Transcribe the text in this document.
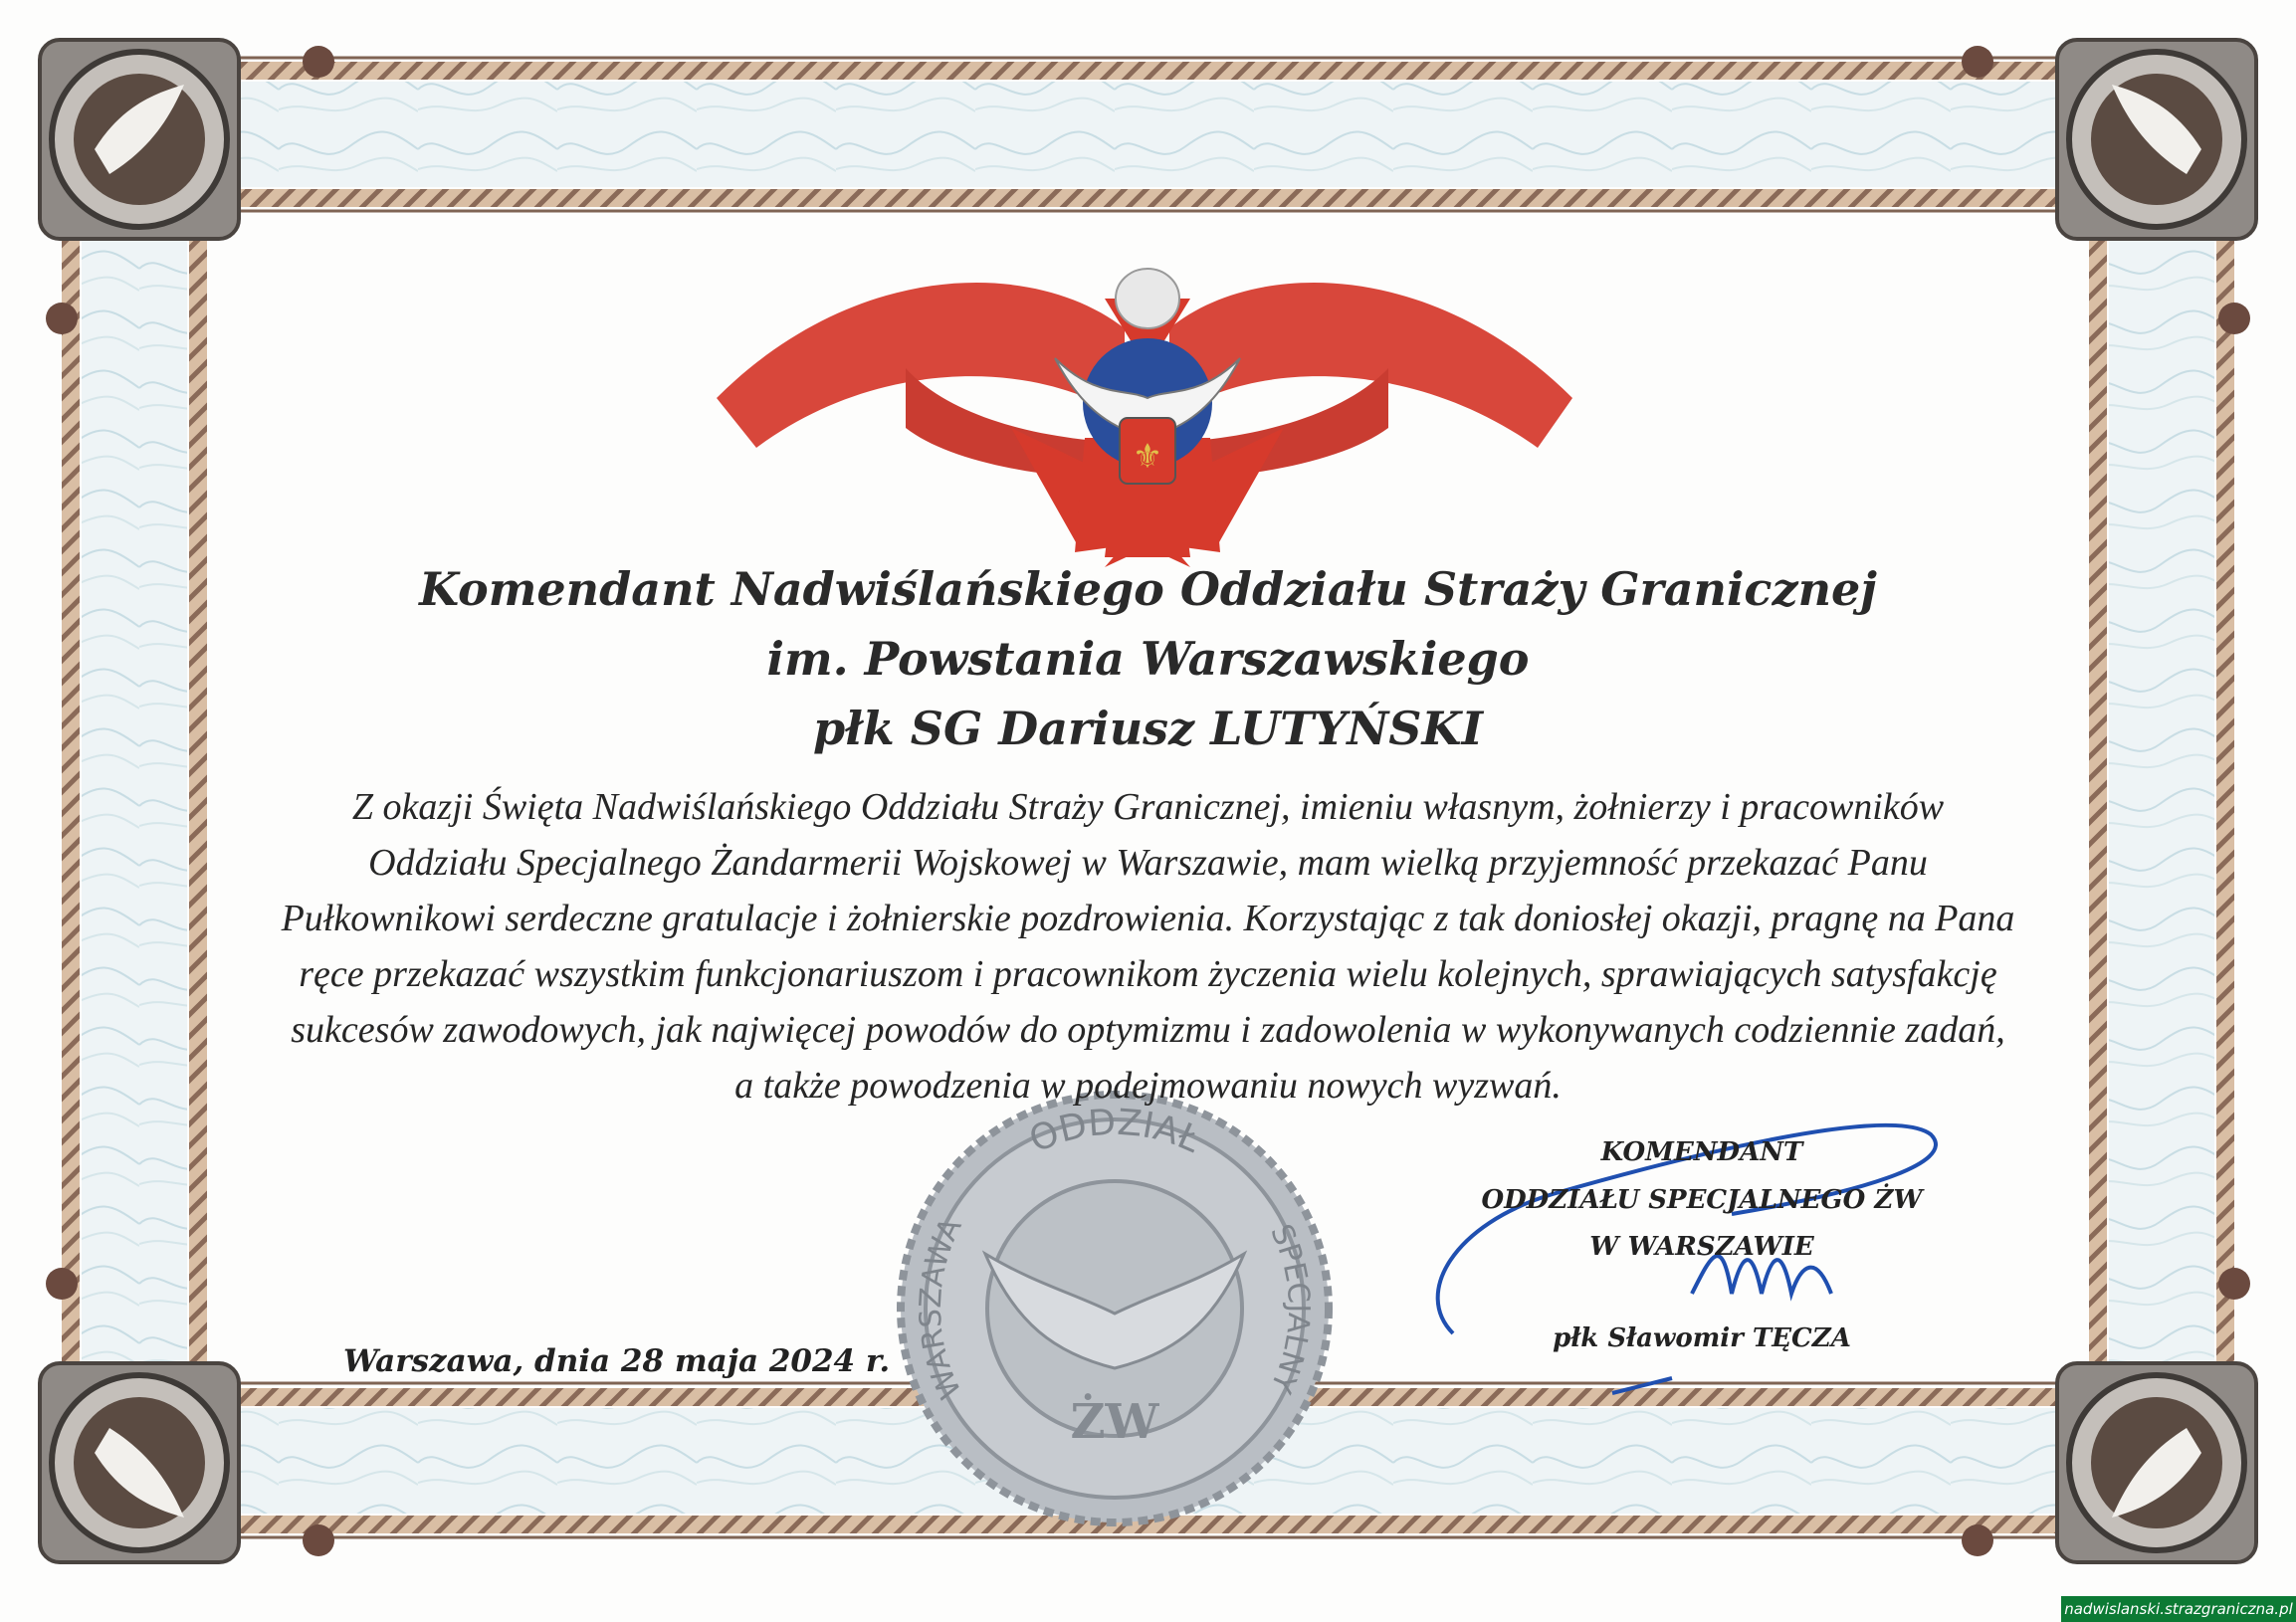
⚜
Komendant Nadwiślańskiego Oddziału Straży Granicznej
im. Powstania Warszawskiego
płk SG Dariusz LUTYŃSKI
Z okazji Święta Nadwiślańskiego Oddziału Straży Granicznej, imieniu własnym, żołnierzy i pracowników
Oddziału Specjalnego Żandarmerii Wojskowej w Warszawie, mam wielką przyjemność przekazać Panu
Pułkownikowi serdeczne gratulacje i żołnierskie pozdrowienia. Korzystając z tak doniosłej okazji, pragnę na Pana
ręce przekazać wszystkim funkcjonariuszom i pracownikom życzenia wielu kolejnych, sprawiających satysfakcję
sukcesów zawodowych, jak najwięcej powodów do optymizmu i zadowolenia w wykonywanych codziennie zadań,
a także powodzenia w podejmowaniu nowych wyzwań.
ODDZIAŁ
SPECJALNY
WARSZAWA
ŻW
Warszawa, dnia 28 maja 2024 r.
KOMENDANT
ODDZIAŁU SPECJALNEGO ŻW
W WARSZAWIE
płk Sławomir TĘCZA
nadwislanski.strazgraniczna.pl
